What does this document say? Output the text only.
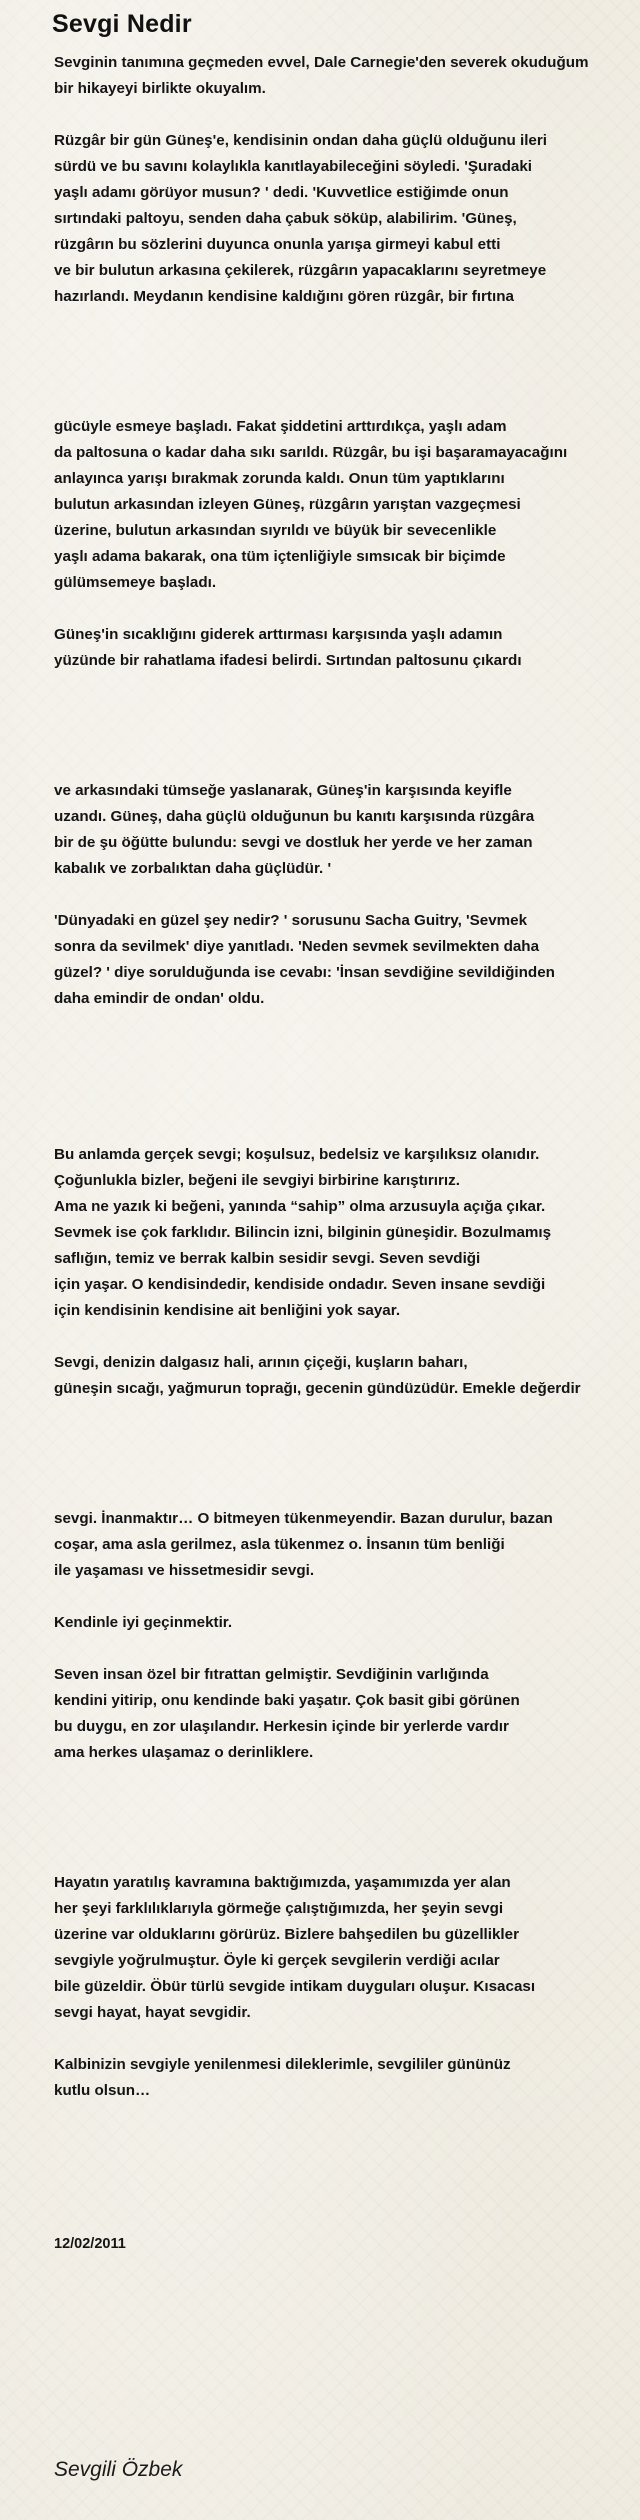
Sevgi Nedir
Sevginin tanımına geçmeden evvel, Dale Carnegie'den severek okuduğum
bir hikayeyi birlikte okuyalım.
Rüzgâr bir gün Güneş'e, kendisinin ondan daha güçlü olduğunu ileri
sürdü ve bu savını kolaylıkla kanıtlayabileceğini söyledi. 'Şuradaki
yaşlı adamı görüyor musun? ' dedi. 'Kuvvetlice estiğimde onun
sırtındaki paltoyu, senden daha çabuk söküp, alabilirim. 'Güneş,
rüzgârın bu sözlerini duyunca onunla yarışa girmeyi kabul etti
ve bir bulutun arkasına çekilerek, rüzgârın yapacaklarını seyretmeye
hazırlandı. Meydanın kendisine kaldığını gören rüzgâr, bir fırtına
gücüyle esmeye başladı. Fakat şiddetini arttırdıkça, yaşlı adam
da paltosuna o kadar daha sıkı sarıldı. Rüzgâr, bu işi başaramayacağını
anlayınca yarışı bırakmak zorunda kaldı. Onun tüm yaptıklarını
bulutun arkasından izleyen Güneş, rüzgârın yarıştan vazgeçmesi
üzerine, bulutun arkasından sıyrıldı ve büyük bir sevecenlikle
yaşlı adama bakarak, ona tüm içtenliğiyle sımsıcak bir biçimde
gülümsemeye başladı.
Güneş'in sıcaklığını giderek arttırması karşısında yaşlı adamın
yüzünde bir rahatlama ifadesi belirdi. Sırtından paltosunu çıkardı
ve arkasındaki tümseğe yaslanarak, Güneş'in karşısında keyifle
uzandı. Güneş, daha güçlü olduğunun bu kanıtı karşısında rüzgâra
bir de şu öğütte bulundu: sevgi ve dostluk her yerde ve her zaman
kabalık ve zorbalıktan daha güçlüdür. '
'Dünyadaki en güzel şey nedir? ' sorusunu Sacha Guitry, 'Sevmek
sonra da sevilmek' diye yanıtladı. 'Neden sevmek sevilmekten daha
güzel? ' diye sorulduğunda ise cevabı: 'İnsan sevdiğine sevildiğinden
daha emindir de ondan' oldu.
Bu anlamda gerçek sevgi; koşulsuz, bedelsiz ve karşılıksız olanıdır.
Çoğunlukla bizler, beğeni ile sevgiyi birbirine karıştırırız.
Ama ne yazık ki beğeni, yanında “sahip” olma arzusuyla açığa çıkar.
Sevmek ise çok farklıdır. Bilincin izni, bilginin güneşidir. Bozulmamış
saflığın, temiz ve berrak kalbin sesidir sevgi. Seven sevdiği
için yaşar. O kendisindedir, kendiside ondadır. Seven insane sevdiği
için kendisinin kendisine ait benliğini yok sayar.
Sevgi, denizin dalgasız hali, arının çiçeği, kuşların baharı,
güneşin sıcağı, yağmurun toprağı, gecenin gündüzüdür. Emekle değerdir
sevgi. İnanmaktır… O bitmeyen tükenmeyendir. Bazan durulur, bazan
coşar, ama asla gerilmez, asla tükenmez o. İnsanın tüm benliği
ile yaşaması ve hissetmesidir sevgi.
Kendinle iyi geçinmektir.
Seven insan özel bir fıtrattan gelmiştir. Sevdiğinin varlığında
kendini yitirip, onu kendinde baki yaşatır. Çok basit gibi görünen
bu duygu, en zor ulaşılandır. Herkesin içinde bir yerlerde vardır
ama herkes ulaşamaz o derinliklere.
Hayatın yaratılış kavramına baktığımızda, yaşamımızda yer alan
her şeyi farklılıklarıyla görmeğe çalıştığımızda, her şeyin sevgi
üzerine var olduklarını görürüz. Bizlere bahşedilen bu güzellikler
sevgiyle yoğrulmuştur. Öyle ki gerçek sevgilerin verdiği acılar
bile güzeldir. Öbür türlü sevgide intikam duyguları oluşur. Kısacası
sevgi hayat, hayat sevgidir.
Kalbinizin sevgiyle yenilenmesi dileklerimle, sevgililer gününüz
kutlu olsun…
12/02/2011
Sevgili Özbek
